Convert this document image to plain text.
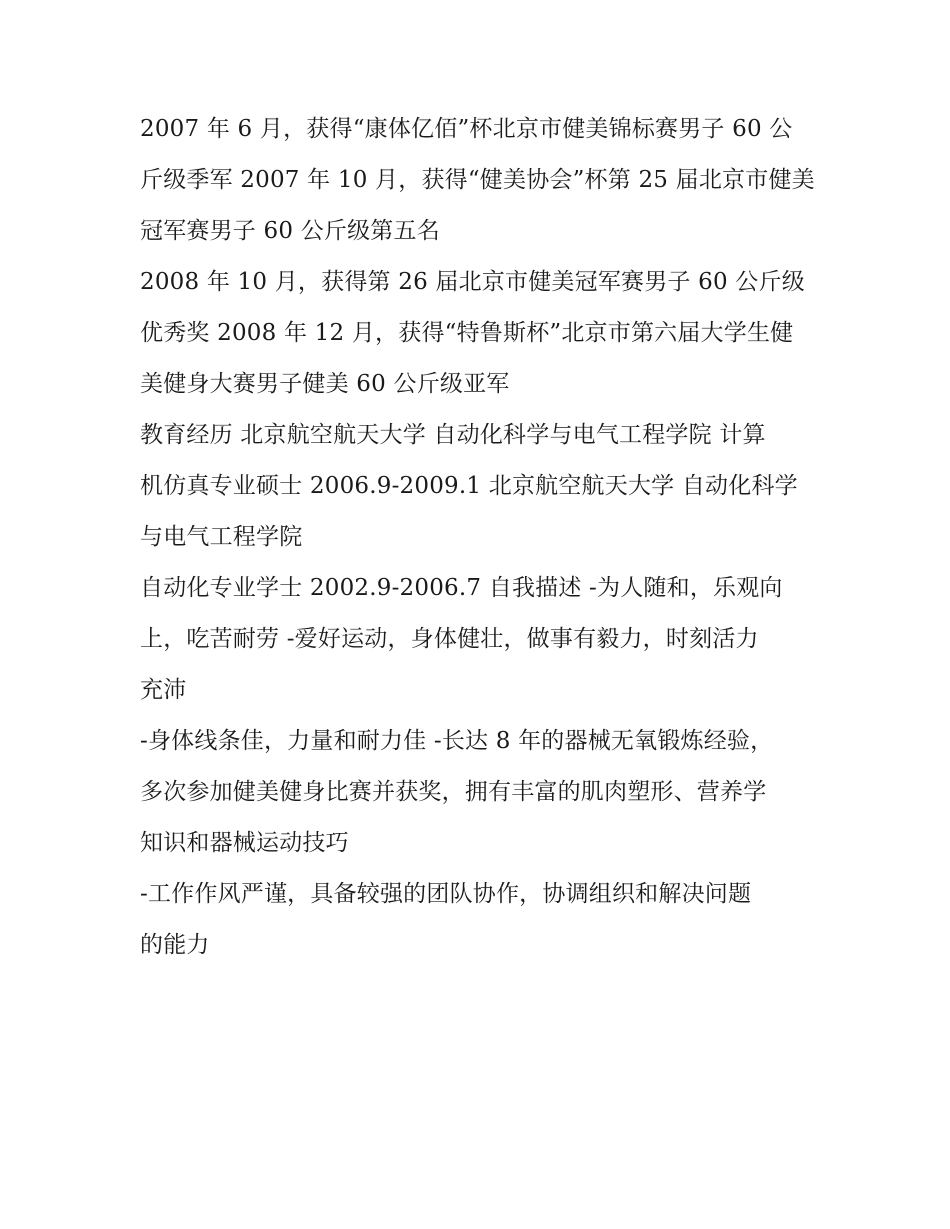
2007 年 6 月，获得“康体亿佰”杯北京市健美锦标赛男子 60 公
斤级季军 2007 年 10 月，获得“健美协会”杯第 25 届北京市健美
冠军赛男子 60 公斤级第五名

2008 年 10 月，获得第 26 届北京市健美冠军赛男子 60 公斤级
优秀奖 2008 年 12 月，获得“特鲁斯杯”北京市第六届大学生健
美健身大赛男子健美 60 公斤级亚军

教育经历 北京航空航天大学 自动化科学与电气工程学院 计算
机仿真专业硕士 2006.9-2009.1 北京航空航天大学 自动化科学
与电气工程学院

自动化专业学士 2002.9-2006.7 自我描述 -为人随和，乐观向
上，吃苦耐劳 -爱好运动，身体健壮，做事有毅力，时刻活力
充沛

-身体线条佳，力量和耐力佳 -长达 8 年的器械无氧锻炼经验，
多次参加健美健身比赛并获奖，拥有丰富的肌肉塑形、营养学
知识和器械运动技巧

-工作作风严谨，具备较强的团队协作，协调组织和解决问题
的能力
